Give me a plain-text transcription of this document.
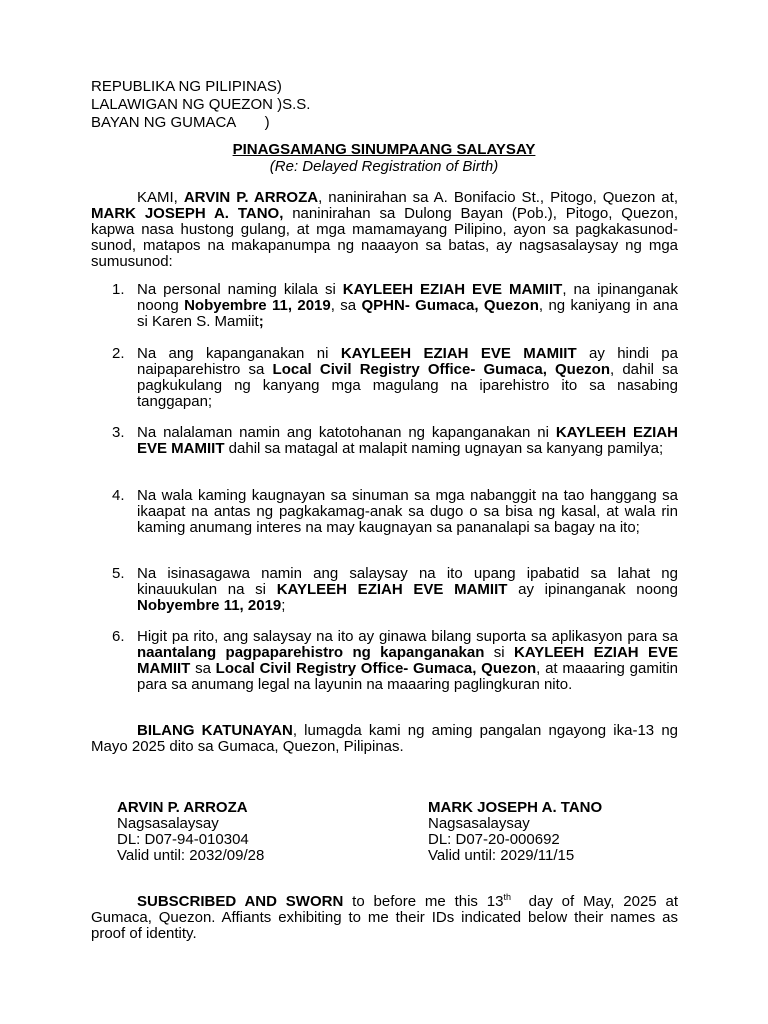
REPUBLIKA NG PILIPINAS)
LALAWIGAN NG QUEZON )S.S.
BAYAN NG GUMACA       )
PINAGSAMANG SINUMPAANG SALAYSAY
(Re: Delayed Registration of Birth)
KAMI, ARVIN P. ARROZA, naninirahan sa A. Bonifacio St., Pitogo, Quezon at, MARK JOSEPH A. TANO, naninirahan sa Dulong Bayan (Pob.), Pitogo, Quezon, kapwa nasa hustong gulang, at mga mamamayang Pilipino, ayon sa pagkakasunod-sunod, matapos na makapanumpa ng naaayon sa batas, ay nagsasalaysay ng mga sumusunod:
1. Na personal naming kilala si KAYLEEH EZIAH EVE MAMIIT, na ipinanganak noong Nobyembre 11, 2019, sa QPHN- Gumaca, Quezon, ng kaniyang in ana si Karen S. Mamiit;
2. Na ang kapanganakan ni KAYLEEH EZIAH EVE MAMIIT ay hindi pa naipaparehistro sa Local Civil Registry Office- Gumaca, Quezon, dahil sa pagkukulang ng kanyang mga magulang na iparehistro ito sa nasabing tanggapan;
3. Na nalalaman namin ang katotohanan ng kapanganakan ni KAYLEEH EZIAH EVE MAMIIT dahil sa matagal at malapit naming ugnayan sa kanyang pamilya;
4. Na wala kaming kaugnayan sa sinuman sa mga nabanggit na tao hanggang sa ikaapat na antas ng pagkakamag-anak sa dugo o sa bisa ng kasal, at wala rin kaming anumang interes na may kaugnayan sa pananalapi sa bagay na ito;
5. Na isinasagawa namin ang salaysay na ito upang ipabatid sa lahat ng kinauukulan na si KAYLEEH EZIAH EVE MAMIIT ay ipinanganak noong Nobyembre 11, 2019;
6. Higit pa rito, ang salaysay na ito ay ginawa bilang suporta sa aplikasyon para sa naantalang pagpaparehistro ng kapanganakan si KAYLEEH EZIAH EVE MAMIIT sa Local Civil Registry Office- Gumaca, Quezon, at maaaring gamitin para sa anumang legal na layunin na maaaring paglingkuran nito.
BILANG KATUNAYAN, lumagda kami ng aming pangalan ngayong ika-13 ng Mayo 2025 dito sa Gumaca, Quezon, Pilipinas.
ARVIN P. ARROZA
Nagsasalaysay
DL: D07-94-010304
Valid until: 2032/09/28
MARK JOSEPH A. TANO
Nagsasalaysay
DL: D07-20-000692
Valid until: 2029/11/15
SUBSCRIBED AND SWORN to before me this 13th  day of May, 2025 at Gumaca, Quezon. Affiants exhibiting to me their IDs indicated below their names as proof of identity.
